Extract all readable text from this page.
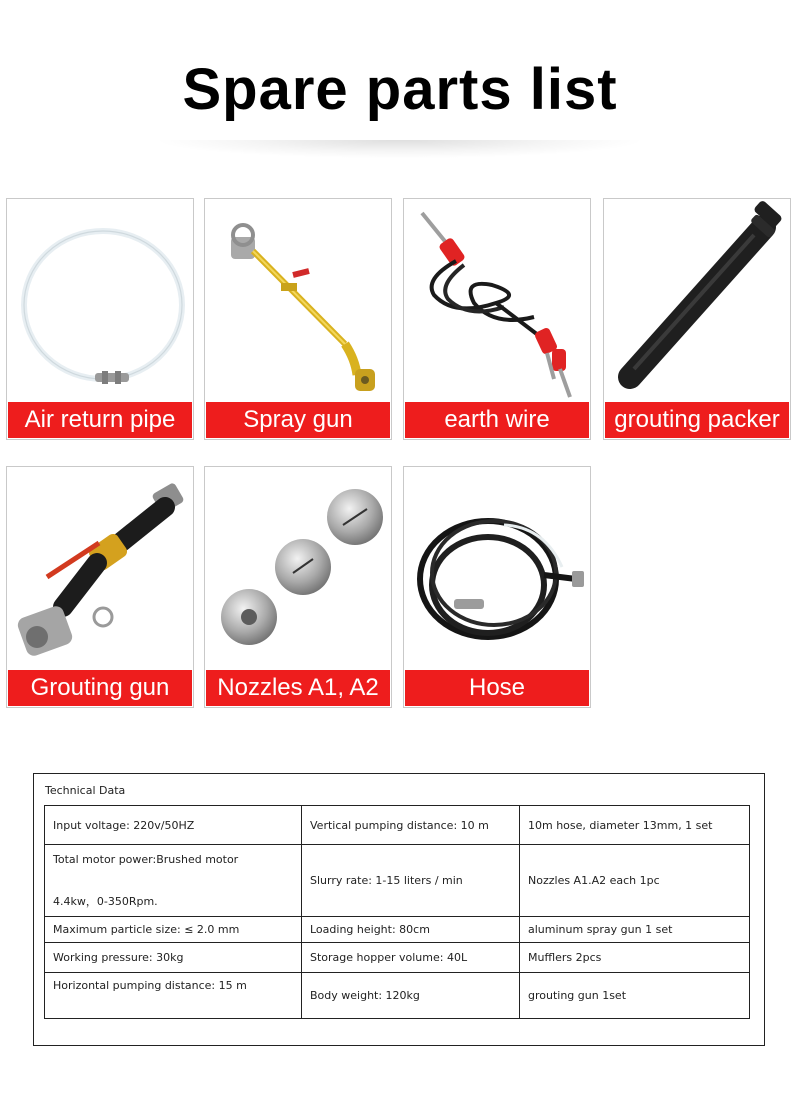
Spare parts list
Air return pipe	Spray gun	earth wire	grouting packer
Grouting gun	Nozzles A1, A2	Hose
Technical Data
Input voltage: 220v/50HZ	Vertical pumping distance: 10 m	10m hose, diameter 13mm, 1 set

Total motor power:Brushed motor
4.4kw，0-350Rpm.	Slurry rate: 1-15 liters / min	Nozzles A1.A2 each 1pc
Maximum particle size: ≤ 2.0 mm	Loading height: 80cm	aluminum spray gun 1 set
Working pressure: 30kg	Storage hopper volume: 40L	Mufflers 2pcs
Horizontal pumping distance: 15 m	Body weight: 120kg	grouting gun 1set
